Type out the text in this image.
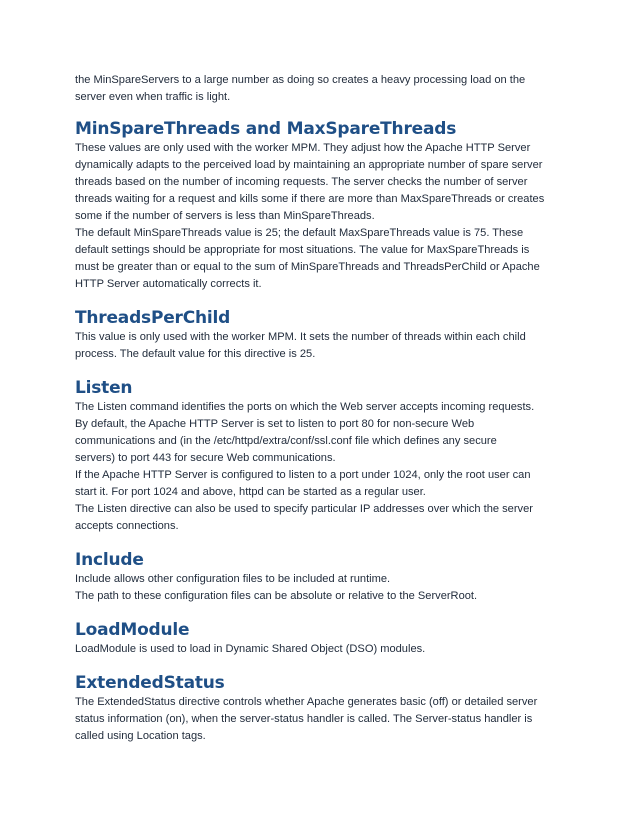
the MinSpareServers to a large number as doing so creates a heavy processing load on the
server even when traffic is light.

MinSpareThreads and MaxSpareThreads

These values are only used with the worker MPM. They adjust how the Apache HTTP Server
dynamically adapts to the perceived load by maintaining an appropriate number of spare server
threads based on the number of incoming requests. The server checks the number of server
threads waiting for a request and kills some if there are more than MaxSpareThreads or creates
some if the number of servers is less than MinSpareThreads.
The default MinSpareThreads value is 25; the default MaxSpareThreads value is 75. These
default settings should be appropriate for most situations. The value for MaxSpareThreads is
must be greater than or equal to the sum of MinSpareThreads and ThreadsPerChild or Apache
HTTP Server automatically corrects it.

ThreadsPerChild

This value is only used with the worker MPM. It sets the number of threads within each child
process. The default value for this directive is 25.

Listen

The Listen command identifies the ports on which the Web server accepts incoming requests.
By default, the Apache HTTP Server is set to listen to port 80 for non-secure Web
communications and (in the /etc/httpd/extra/conf/ssl.conf file which defines any secure
servers) to port 443 for secure Web communications.
If the Apache HTTP Server is configured to listen to a port under 1024, only the root user can
start it. For port 1024 and above, httpd can be started as a regular user.
The Listen directive can also be used to specify particular IP addresses over which the server
accepts connections.

Include

Include allows other configuration files to be included at runtime.
The path to these configuration files can be absolute or relative to the ServerRoot.

LoadModule

LoadModule is used to load in Dynamic Shared Object (DSO) modules.

ExtendedStatus

The ExtendedStatus directive controls whether Apache generates basic (off) or detailed server
status information (on), when the server-status handler is called. The Server-status handler is
called using Location tags.
